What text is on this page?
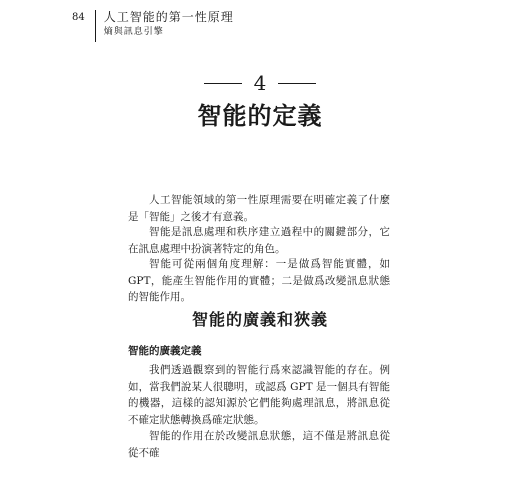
84 人工智能的第一性原理
熵與訊息引擎
4
智能的定義

人工智能領域的第一性原理需要在明確定義了什麼是「智能」之後才有意義。

智能是訊息處理和秩序建立過程中的關鍵部分，它在訊息處理中扮演著特定的角色。

智能可從兩個角度理解：一是做爲智能實體，如 GPT，能產生智能作用的實體；二是做爲改變訊息狀態的智能作用。

智能的廣義和狹義
智能的廣義定義

我們透過觀察到的智能行爲來認識智能的存在。例如，當我們說某人很聰明，或認爲 GPT 是一個具有智能的機器，這樣的認知源於它們能夠處理訊息，將訊息從不確定狀態轉換爲確定狀態。

智能的作用在於改變訊息狀態，這不僅是將訊息從從不確
